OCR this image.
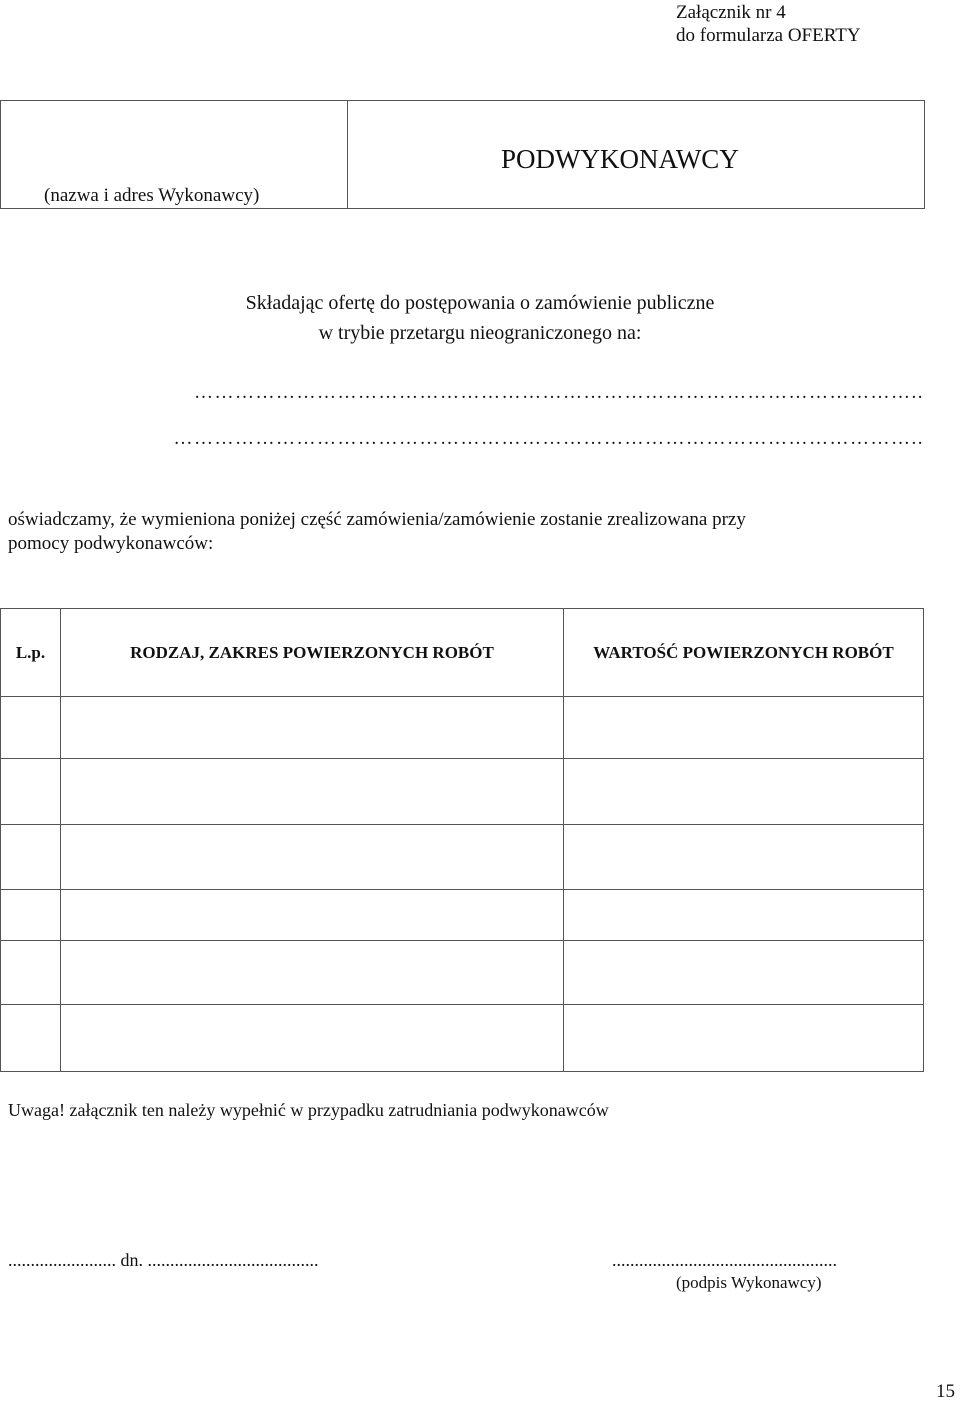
Załącznik nr 4
do formularza OFERTY
(nazwa i adres Wykonawcy)
PODWYKONAWCY
Składając ofertę do postępowania o zamówienie publiczne
w trybie przetargu nieograniczonego na:
……………………………………………………………………………………………..
………………………………………………………………………………………………..
oświadczamy, że wymieniona poniżej część zamówienia/zamówienie zostanie zrealizowana przy
pomocy podwykonawców:
L.p.	RODZAJ, ZAKRES POWIERZONYCH ROBÓT	WARTOŚĆ POWIERZONYCH ROBÓT

Uwaga! załącznik ten należy wypełnić w przypadku zatrudniania podwykonawców
........................ dn. ......................................	..................................................
(podpis Wykonawcy)
15
